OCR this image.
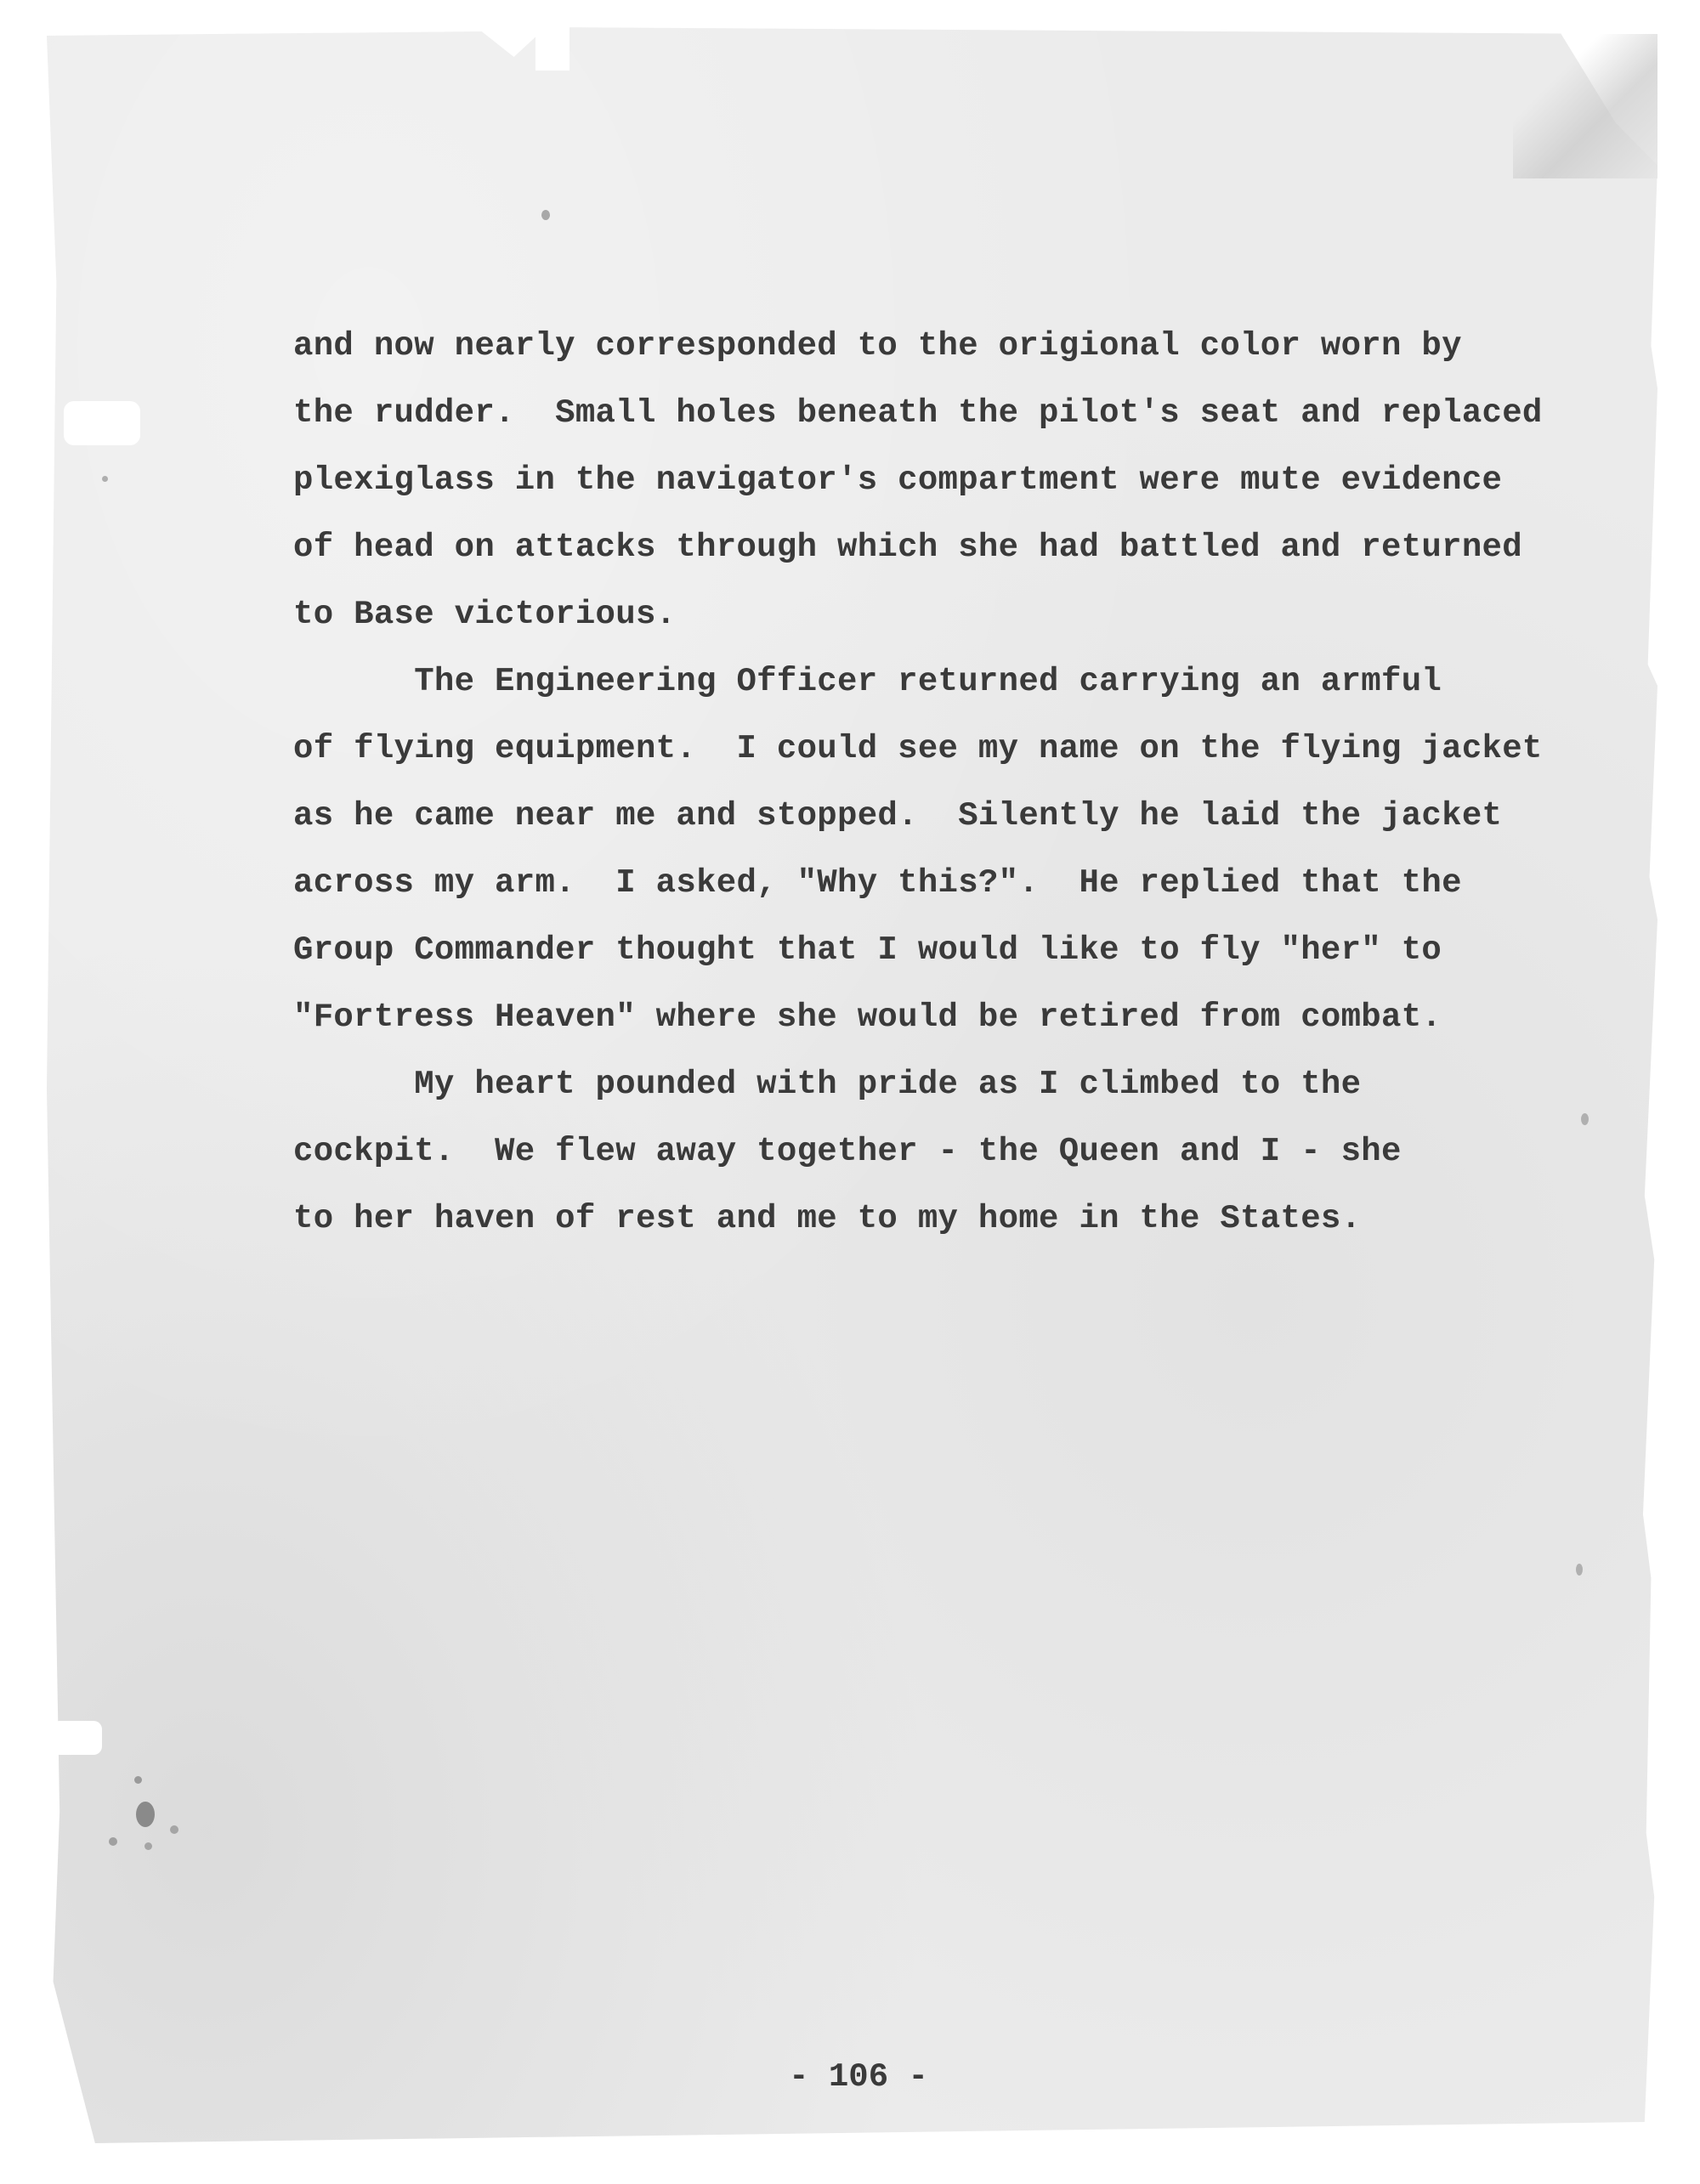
and now nearly corresponded to the origional color worn by
the rudder.  Small holes beneath the pilot's seat and replaced
plexiglass in the navigator's compartment were mute evidence
of head on attacks through which she had battled and returned
to Base victorious.
The Engineering Officer returned carrying an armful
of flying equipment.  I could see my name on the flying jacket
as he came near me and stopped.  Silently he laid the jacket
across my arm.  I asked, "Why this?".  He replied that the
Group Commander thought that I would like to fly "her" to
"Fortress Heaven" where she would be retired from combat.
My heart pounded with pride as I climbed to the
cockpit.  We flew away together - the Queen and I - she
to her haven of rest and me to my home in the States.
- 106 -
